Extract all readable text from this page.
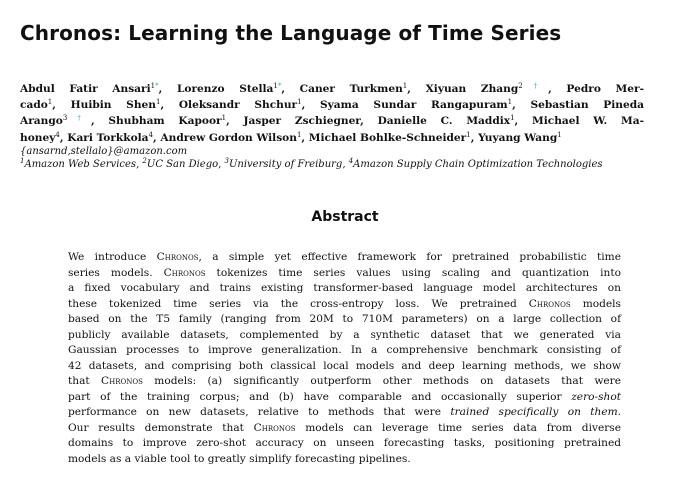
Chronos: Learning the Language of Time Series
Abdul Fatir Ansari$^{1*}$, Lorenzo Stella$^{1*}$, Caner Turkmen$^1$, Xiyuan Zhang$^{2\dagger}$, Pedro Mer-
cado$^1$, Huibin Shen$^1$, Oleksandr Shchur$^1$, Syama Sundar Rangapuram$^1$, Sebastian Pineda
Arango$^{3\dagger}$, Shubham Kapoor$^1$, Jasper Zschiegner, Danielle C. Maddix$^1$, Michael W. Ma-
honey$^4$, Kari Torkkola$^4$, Andrew Gordon Wilson$^1$, Michael Bohlke-Schneider$^1$, Yuyang Wang$^1$
{ansarnd,stellalo}@amazon.com
$^1$Amazon Web Services, $^2$UC San Diego, $^3$University of Freiburg, $^4$Amazon Supply Chain Optimization Technologies
Abstract
We introduce Chronos, a simple yet effective framework for pretrained probabilistic time
series models. Chronos tokenizes time series values using scaling and quantization into
a fixed vocabulary and trains existing transformer-based language model architectures on
these tokenized time series via the cross-entropy loss. We pretrained Chronos models
based on the T5 family (ranging from 20M to 710M parameters) on a large collection of
publicly available datasets, complemented by a synthetic dataset that we generated via
Gaussian processes to improve generalization. In a comprehensive benchmark consisting of
42 datasets, and comprising both classical local models and deep learning methods, we show
that Chronos models: (a) significantly outperform other methods on datasets that were
part of the training corpus; and (b) have comparable and occasionally superior zero-shot
performance on new datasets, relative to methods that were trained specifically on them.
Our results demonstrate that Chronos models can leverage time series data from diverse
domains to improve zero-shot accuracy on unseen forecasting tasks, positioning pretrained
models as a viable tool to greatly simplify forecasting pipelines.
